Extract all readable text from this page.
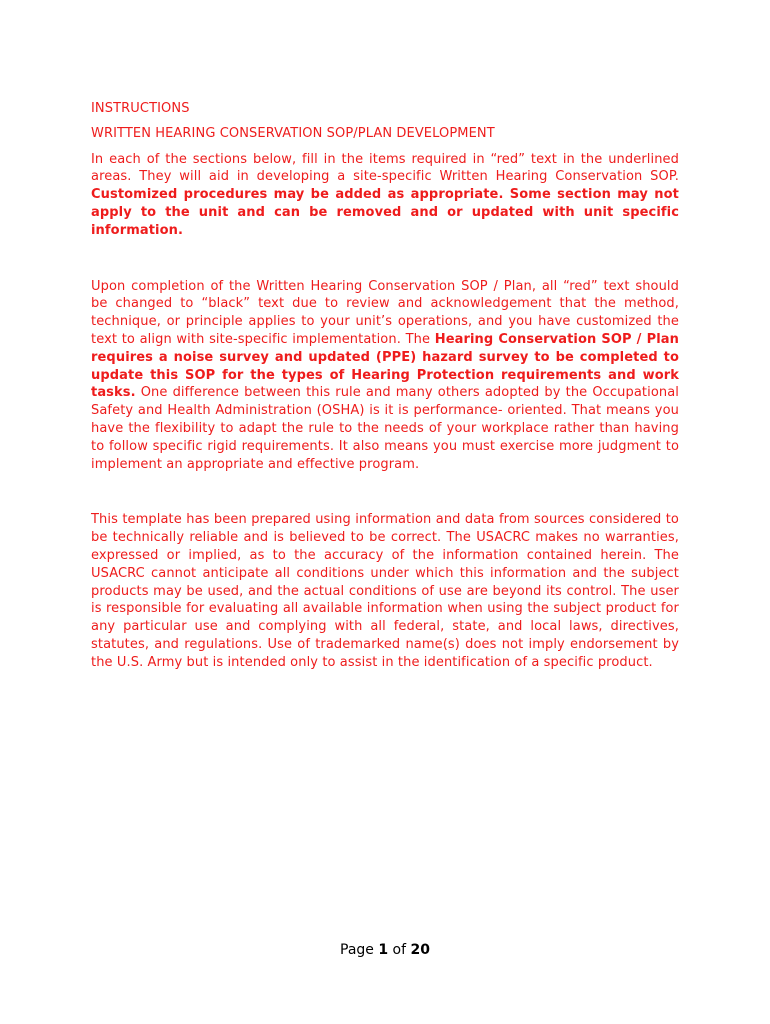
INSTRUCTIONS

WRITTEN HEARING CONSERVATION SOP/PLAN DEVELOPMENT

In each of the sections below, fill in the items required in “red” text in the underlined areas. They will aid in developing a site-specific Written Hearing Conservation SOP. Customized procedures may be added as appropriate. Some section may not apply to the unit and can be removed and or updated with unit specific information.

Upon completion of the Written Hearing Conservation SOP / Plan, all “red” text should be changed to “black” text due to review and acknowledgement that the method, technique, or principle applies to your unit’s operations, and you have customized the text to align with site-specific implementation. The Hearing Conservation SOP / Plan requires a noise survey and updated (PPE) hazard survey to be completed to update this SOP for the types of Hearing Protection requirements and work tasks. One difference between this rule and many others adopted by the Occupational Safety and Health Administration (OSHA) is it is performance- oriented. That means you have the flexibility to adapt the rule to the needs of your workplace rather than having to follow specific rigid requirements. It also means you must exercise more judgment to implement an appropriate and effective program.

This template has been prepared using information and data from sources considered to be technically reliable and is believed to be correct. The USACRC makes no warranties, expressed or implied, as to the accuracy of the information contained herein. The USACRC cannot anticipate all conditions under which this information and the subject products may be used, and the actual conditions of use are beyond its control. The user is responsible for evaluating all available information when using the subject product for any particular use and complying with all federal, state, and local laws, directives, statutes, and regulations. Use of trademarked name(s) does not imply endorsement by the U.S. Army but is intended only to assist in the identification of a specific product.

Page 1 of 20
